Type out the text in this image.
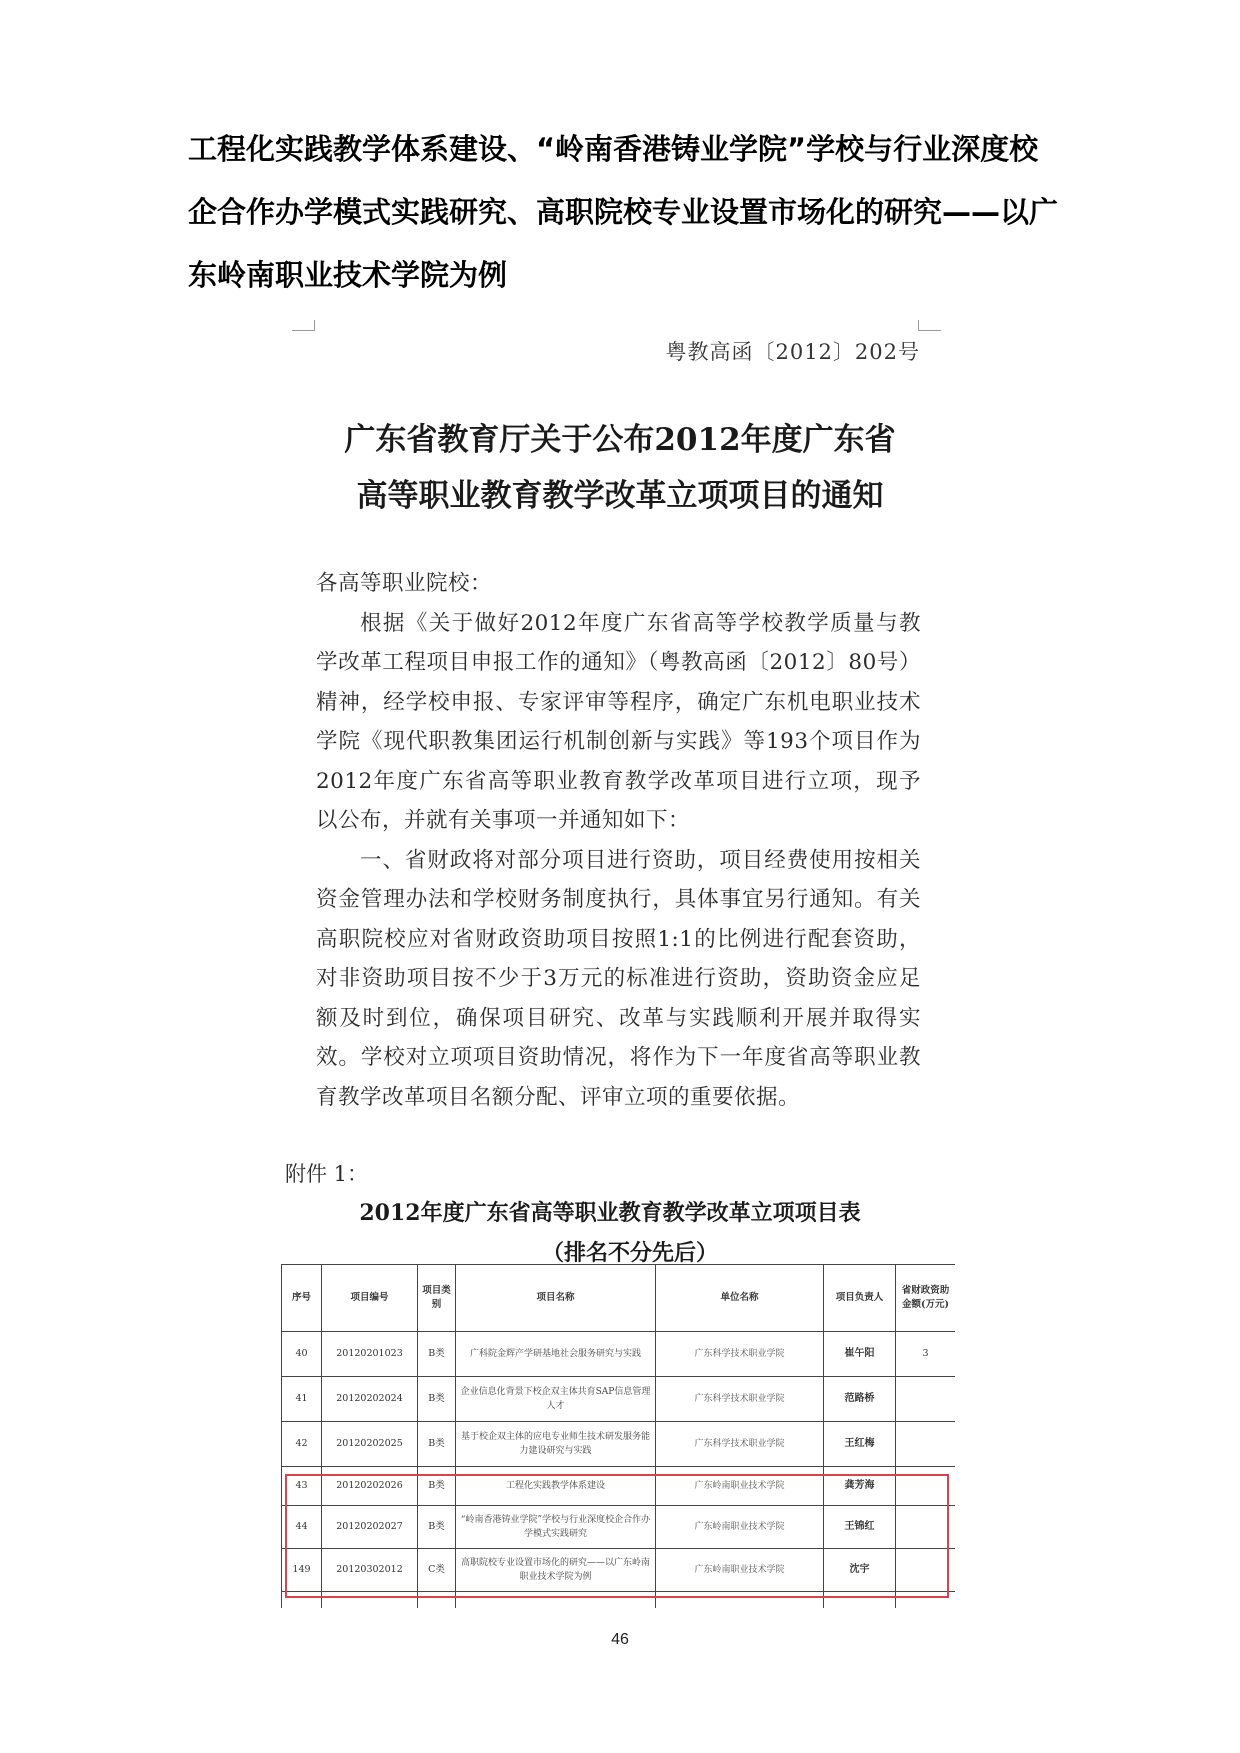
工程化实践教学体系建设、“岭南香港铸业学院”学校与行业深度校
企合作办学模式实践研究、高职院校专业设置市场化的研究——以广
东岭南职业技术学院为例
粤教高函〔2012〕202号
广东省教育厅关于公布2012年度广东省
高等职业教育教学改革立项项目的通知

各高等职业院校：

根据《关于做好2012年度广东省高等学校教学质量与教学改革工程项目申报工作的通知》（粤教高函〔2012〕80号）精神，经学校申报、专家评审等程序，确定广东机电职业技术学院《现代职教集团运行机制创新与实践》等193个项目作为2012年度广东省高等职业教育教学改革项目进行立项，现予以公布，并就有关事项一并通知如下：

一、省财政将对部分项目进行资助，项目经费使用按相关资金管理办法和学校财务制度执行，具体事宜另行通知。有关高职院校应对省财政资助项目按照1:1的比例进行配套资助，对非资助项目按不少于3万元的标准进行资助，资助资金应足额及时到位，确保项目研究、改革与实践顺利开展并取得实效。学校对立项项目资助情况，将作为下一年度省高等职业教育教学改革项目名额分配、评审立项的重要依据。

附件 1：
2012年度广东省高等职业教育教学改革立项项目表
（排名不分先后）
序号	项目编号	项目类别	项目名称	单位名称	项目负责人	省财政资助金额(万元)
40	20120201023	B类	广科院金辉产学研基地社会服务研究与实践	广东科学技术职业学院	崔午阳	3
41	20120202024	B类	企业信息化背景下校企双主体共育SAP信息管理人才	广东科学技术职业学院	范路桥	
42	20120202025	B类	基于校企双主体的应电专业师生技术研发服务能力建设研究与实践	广东科学技术职业学院	王红梅	
43	20120202026	B类	工程化实践教学体系建设	广东岭南职业技术学院	龚芳海	
44	20120202027	B类	“岭南香港铸业学院”学校与行业深度校企合作办学模式实践研究	广东岭南职业技术学院	王锦红	
149	20120302012	C类	高职院校专业设置市场化的研究——以广东岭南职业技术学院为例	广东岭南职业技术学院	沈宇	

46
